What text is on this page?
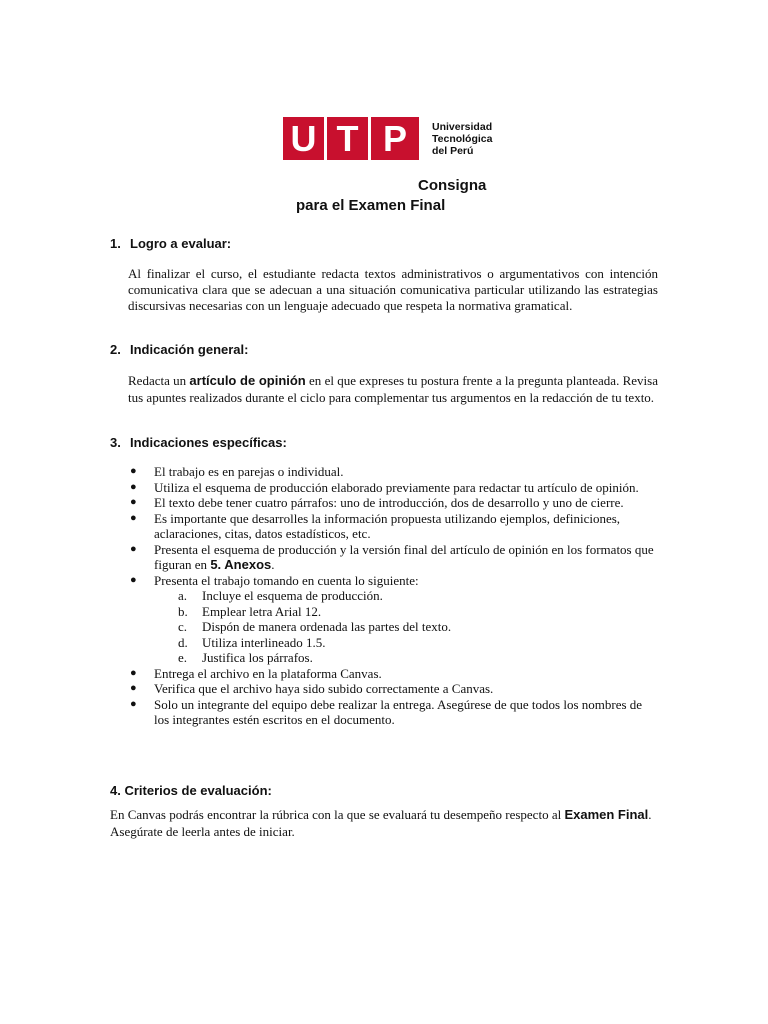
U T P	Universidad
Tecnológica
del Perú
Consigna
para el Examen Final
1. Logro a evaluar:
Al finalizar el curso, el estudiante redacta textos administrativos o argumentativos con intención comunicativa clara que se adecuan a una situación comunicativa particular utilizando las estrategias discursivas necesarias con un lenguaje adecuado que respeta la normativa gramatical.
2. Indicación general:
Redacta un artículo de opinión en el que expreses tu postura frente a la pregunta planteada. Revisa tus apuntes realizados durante el ciclo para complementar tus argumentos en la redacción de tu texto.
3. Indicaciones específicas:
● El trabajo es en parejas o individual.
● Utiliza el esquema de producción elaborado previamente para redactar tu artículo de opinión.
● El texto debe tener cuatro párrafos: uno de introducción, dos de desarrollo y uno de cierre.
● Es importante que desarrolles la información propuesta utilizando ejemplos, definiciones, aclaraciones, citas, datos estadísticos, etc.
● Presenta el esquema de producción y la versión final del artículo de opinión en los formatos que figuran en 5. Anexos.
● Presenta el trabajo tomando en cuenta lo siguiente:
a. Incluye el esquema de producción.
b. Emplear letra Arial 12.
c. Dispón de manera ordenada las partes del texto.
d. Utiliza interlineado 1.5.
e. Justifica los párrafos.
● Entrega el archivo en la plataforma Canvas.
● Verifica que el archivo haya sido subido correctamente a Canvas.
● Solo un integrante del equipo debe realizar la entrega. Asegúrese de que todos los nombres de los integrantes estén escritos en el documento.
4. Criterios de evaluación:
En Canvas podrás encontrar la rúbrica con la que se evaluará tu desempeño respecto al Examen Final. Asegúrate de leerla antes de iniciar.
